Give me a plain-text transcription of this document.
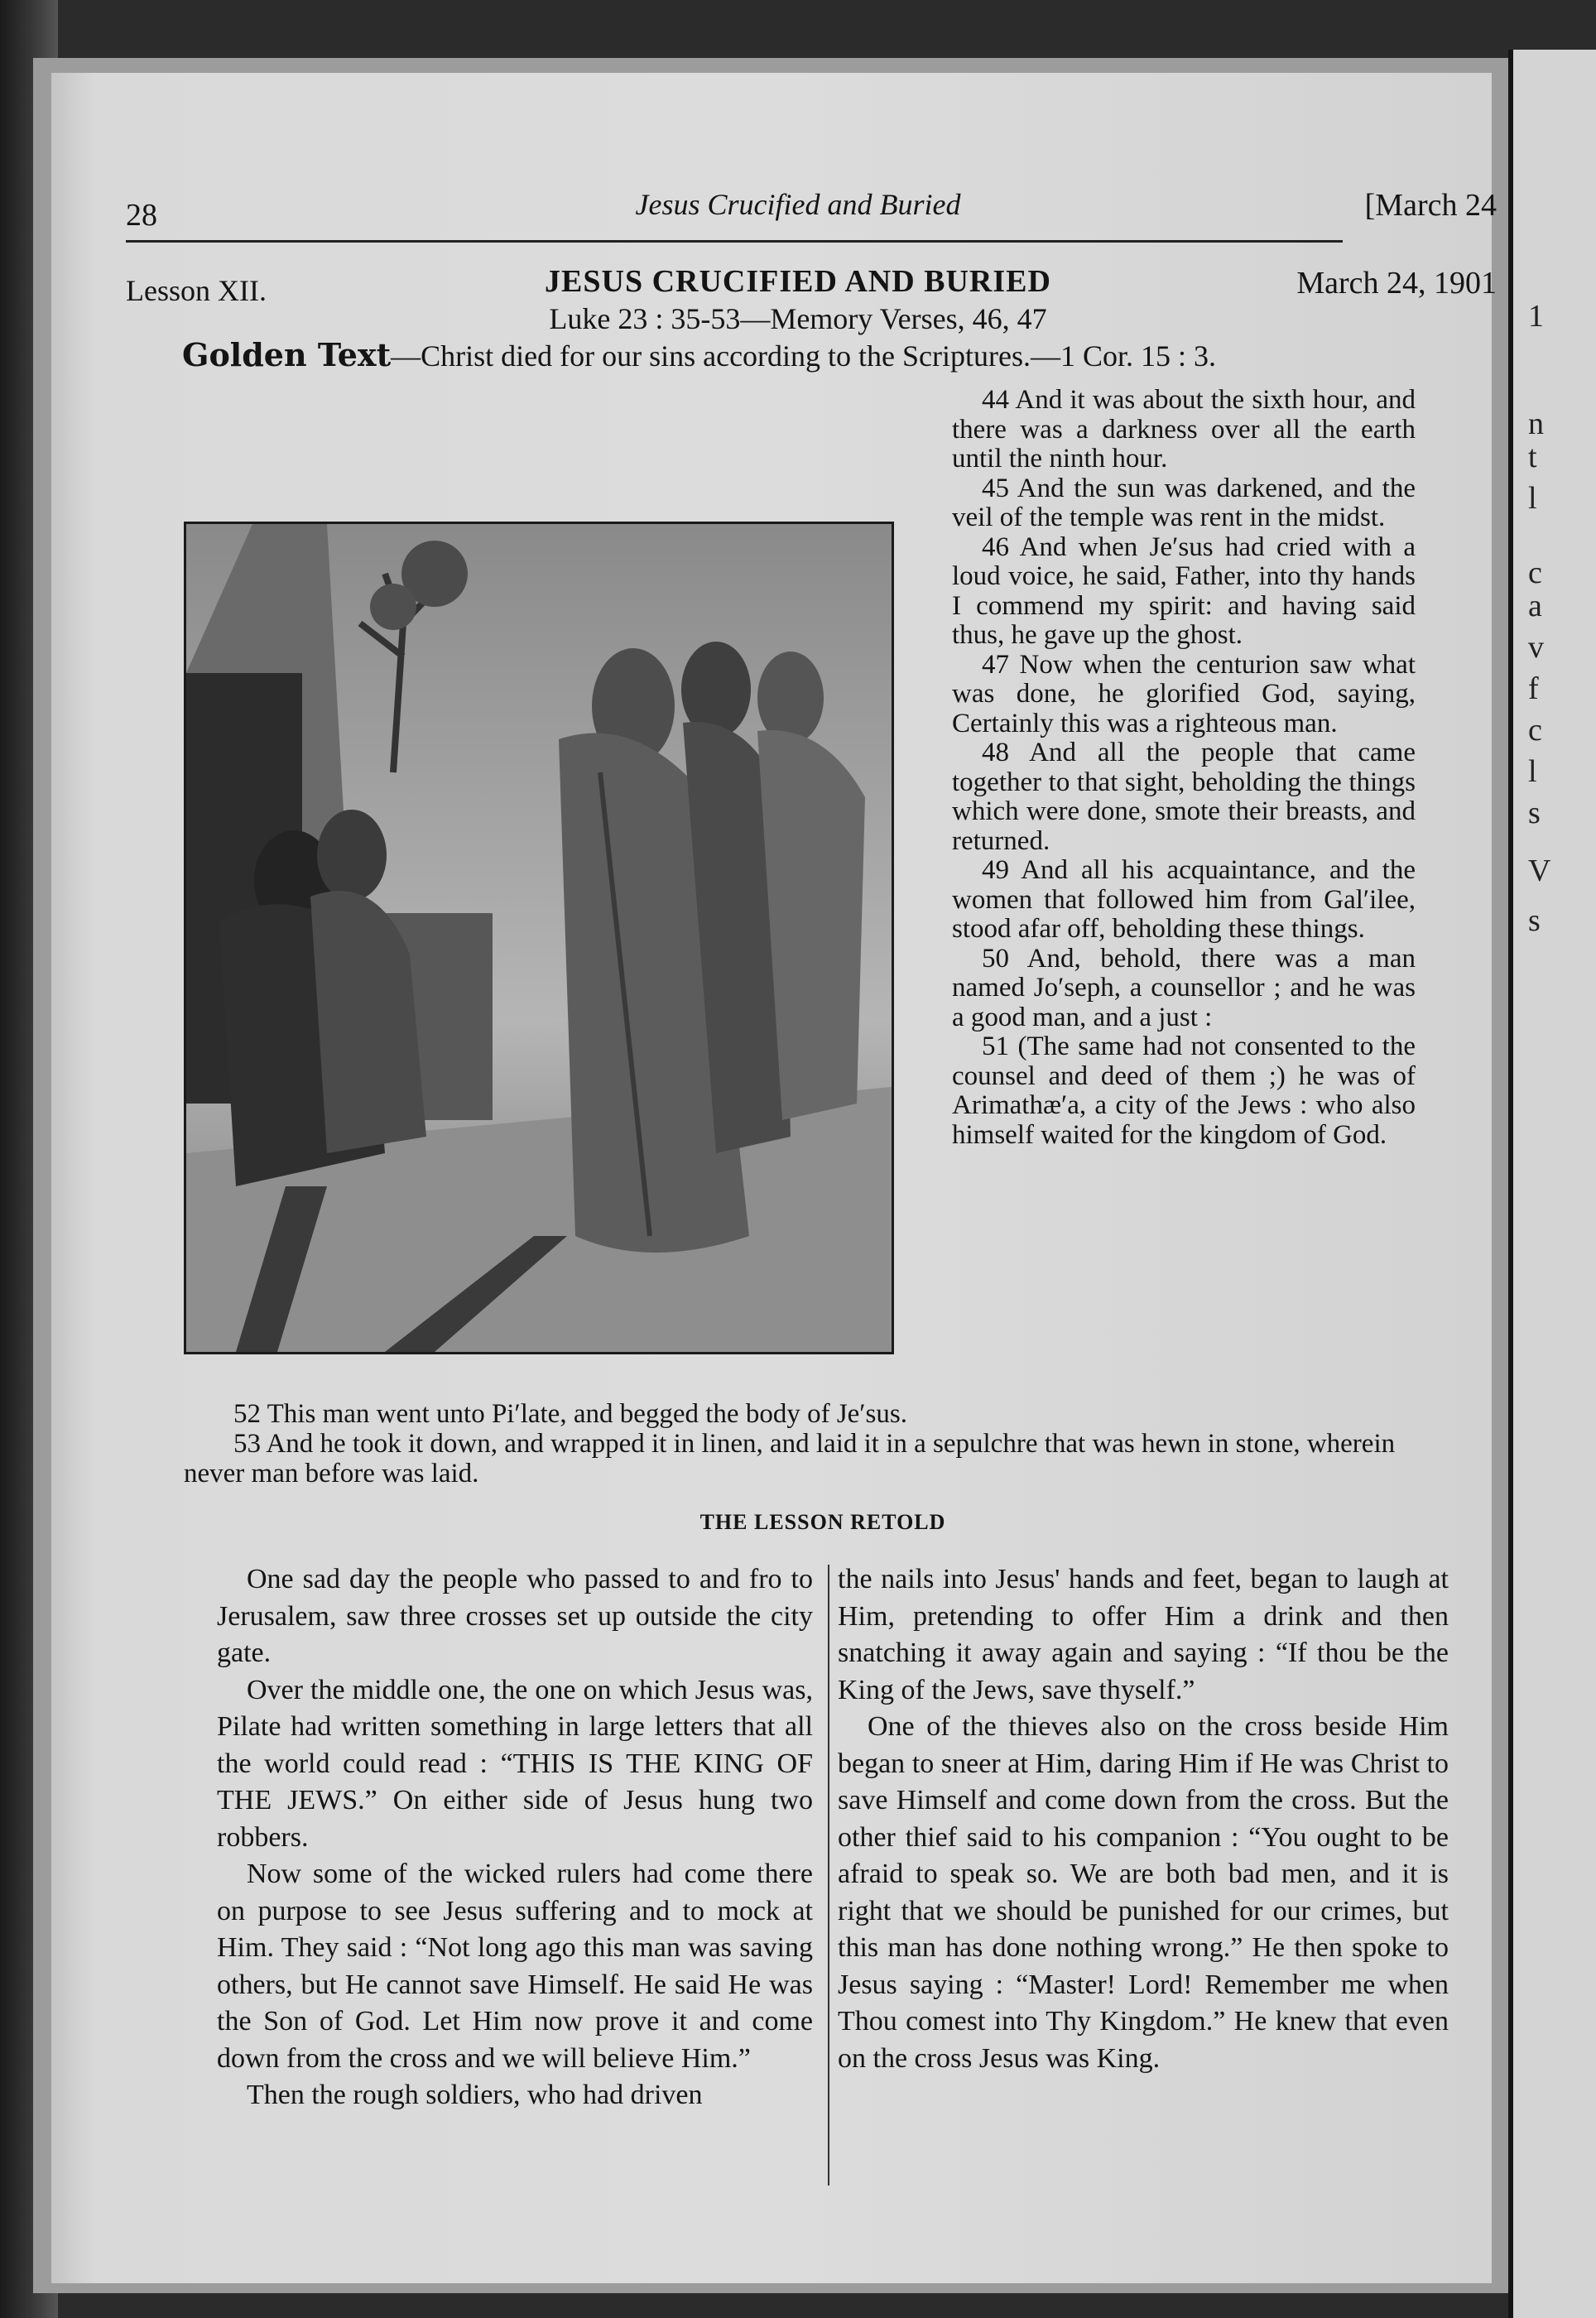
1
n
t
l
c
a
v
f
c
l
s
V
s
28	Jesus Crucified and Buried	[March 24
Lesson XII.	JESUS CRUCIFIED AND BURIED	March 24, 1901
Luke 23 : 35-53—Memory Verses, 46, 47
Golden Text—Christ died for our sins according to the Scriptures.—1 Cor. 15 : 3.

44 And it was about the sixth hour, and there was a darkness over all the earth until the ninth hour.

45 And the sun was darkened, and the veil of the temple was rent in the midst.

46 And when Je′sus had cried with a loud voice, he said, Father, into thy hands I commend my spirit: and having said thus, he gave up the ghost.

47 Now when the centurion saw what was done, he glorified God, saying, Certainly this was a righteous man.

48 And all the people that came together to that sight, beholding the things which were done, smote their breasts, and returned.

49 And all his acquaintance, and the women that followed him from Gal′ilee, stood afar off, beholding these things.

50 And, behold, there was a man named Jo′seph, a counsellor ; and he was a good man, and a just :

51 (The same had not consented to the counsel and deed of them ;) he was of Arimathæ′a, a city of the Jews : who also himself waited for the kingdom of God.

52 This man went unto Pi′late, and begged the body of Je′sus.

53 And he took it down, and wrapped it in linen, and laid it in a sepulchre that was hewn in stone, wherein never man before was laid.

THE LESSON RETOLD

One sad day the people who passed to and fro to Jerusalem, saw three crosses set up outside the city gate.

Over the middle one, the one on which Jesus was, Pilate had written something in large letters that all the world could read : “THIS IS THE KING OF THE JEWS.” On either side of Jesus hung two robbers.

Now some of the wicked rulers had come there on purpose to see Jesus suffering and to mock at Him. They said : “Not long ago this man was saving others, but He cannot save Himself. He said He was the Son of God. Let Him now prove it and come down from the cross and we will believe Him.”

Then the rough soldiers, who had driven

the nails into Jesus' hands and feet, began to laugh at Him, pretending to offer Him a drink and then snatching it away again and saying : “If thou be the King of the Jews, save thyself.”

One of the thieves also on the cross beside Him began to sneer at Him, daring Him if He was Christ to save Himself and come down from the cross. But the other thief said to his companion : “You ought to be afraid to speak so. We are both bad men, and it is right that we should be punished for our crimes, but this man has done nothing wrong.” He then spoke to Jesus saying : “Master! Lord! Remember me when Thou comest into Thy Kingdom.” He knew that even on the cross Jesus was King.
